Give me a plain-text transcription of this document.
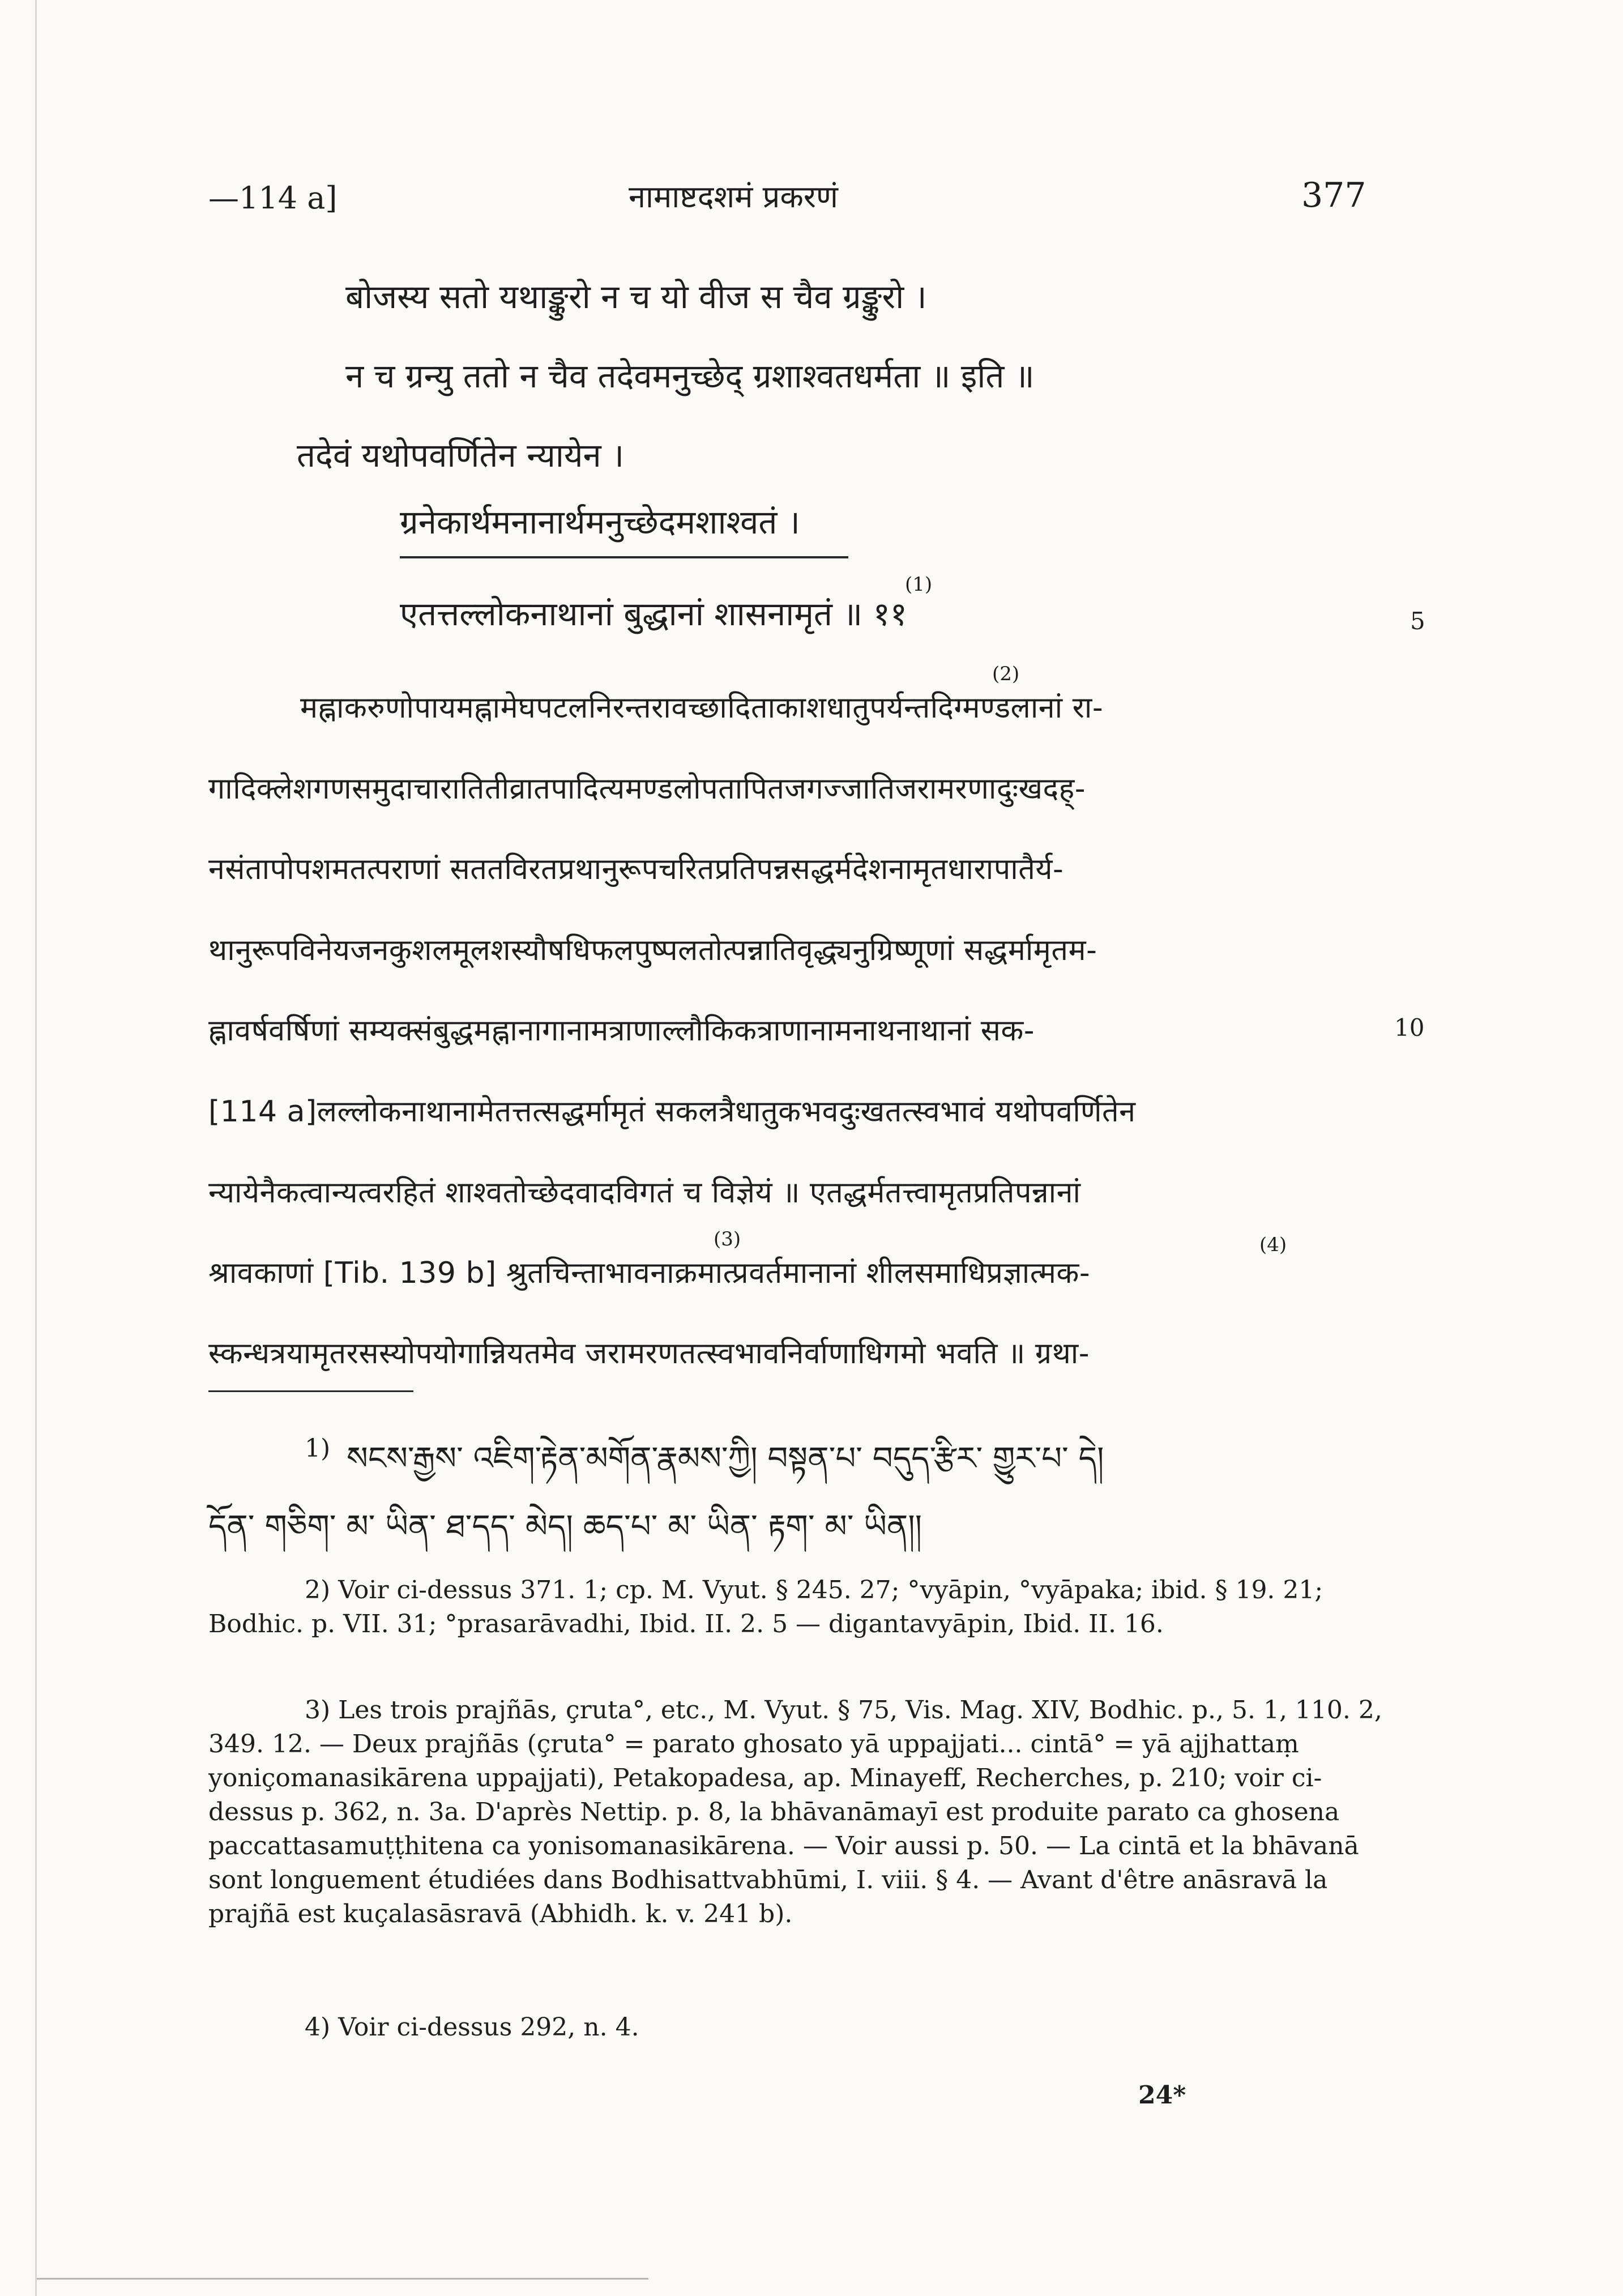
—114 a]	नामाष्टदशमं प्रकरणं	377
बोजस्य सतो यथाङ्कुरो न च यो वीज स चैव ग्रङ्कुरो ।
न च ग्रन्यु ततो न चैव तदेवमनुच्छेद् ग्रशाश्वतधर्मता ॥ इति ॥
तदेवं यथोपवर्णितेन न्यायेन ।
ग्रनेकार्थमनानार्थमनुच्छेदमशाश्वतं ।
(1)
एतत्तल्लोकनाथानां बुद्धानां शासनामृतं ॥ ११	5
(2)
मह्नाकरुणोपायमह्नामेघपटलनिरन्तरावच्छादिताकाशधातुपर्यन्तदिग्मण्डलानां रा-
गादिक्लेशगणसमुदाचारातितीव्रातपादित्यमण्डलोपतापितजगज्जातिजरामरणादुःखदह्-
नसंतापोपशमतत्पराणां सततविरतप्रथानुरूपचरितप्रतिपन्नसद्धर्मदेशनामृतधारापातैर्य-
थानुरूपविनेयजनकुशलमूलशस्यौषधिफलपुष्पलतोत्पन्नातिवृद्ध्यनुग्रिष्णूणां सद्धर्मामृतम-
ह्नावर्षवर्षिणां सम्यक्संबुद्धमह्नानागानामत्राणाल्लौकिकत्राणानामनाथनाथानां सक-	10
[114 a]लल्लोकनाथानामेतत्तत्सद्धर्मामृतं सकलत्रैधातुकभवदुःखतत्स्वभावं यथोपवर्णितेन
न्यायेनैकत्वान्यत्वरहितं शाश्वतोच्छेदवादविगतं च विज्ञेयं ॥ एतद्धर्मतत्त्वामृतप्रतिपन्नानां
(3)	(4)
श्रावकाणां [Tib. 139 b] श्रुतचिन्ताभावनाक्रमात्प्रवर्तमानानां शीलसमाधिप्रज्ञात्मक-
स्कन्धत्रयामृतरसस्योपयोगान्नियतमेव जरामरणतत्स्वभावनिर्वाणाधिगमो भवति ॥ ग्रथा-
1) སངས་རྒྱས་ འཇིག་རྟེན་མགོན་རྣམས་ཀྱི། བསྟན་པ་ བདུད་རྩིར་ གྱུར་པ་ དེ།
དོན་ གཅིག་ མ་ ཡིན་ ཐ་དད་ མེད། ཆད་པ་ མ་ ཡིན་ རྟག་ མ་ ཡིན།།
2) Voir ci-dessus 371. 1; cp. M. Vyut. § 245. 27; °vyāpin, °vyāpaka; ibid. § 19. 21; Bodhic. p. VII. 31; °prasarāvadhi, Ibid. II. 2. 5 — digantavyāpin, Ibid. II. 16.
3) Les trois prajñās, çruta°, etc., M. Vyut. § 75, Vis. Mag. XIV, Bodhic. p., 5. 1, 110. 2, 349. 12. — Deux prajñās (çruta° = parato ghosato yā uppajjati... cintā° = yā ajjhattaṃ yoniçomanasikārena uppajjati), Petakopadesa, ap. Minayeff, Recherches, p. 210; voir ci-dessus p. 362, n. 3a. D'après Nettip. p. 8, la bhāvanāmayī est produite parato ca ghosena paccattasamuṭṭhitena ca yonisomanasikārena. — Voir aussi p. 50. — La cintā et la bhāvanā sont longuement étudiées dans Bodhisattvabhūmi, I. viii. § 4. — Avant d'être anāsravā la prajñā est kuçalasāsravā (Abhidh. k. v. 241 b).
4) Voir ci-dessus 292, n. 4.
24*
